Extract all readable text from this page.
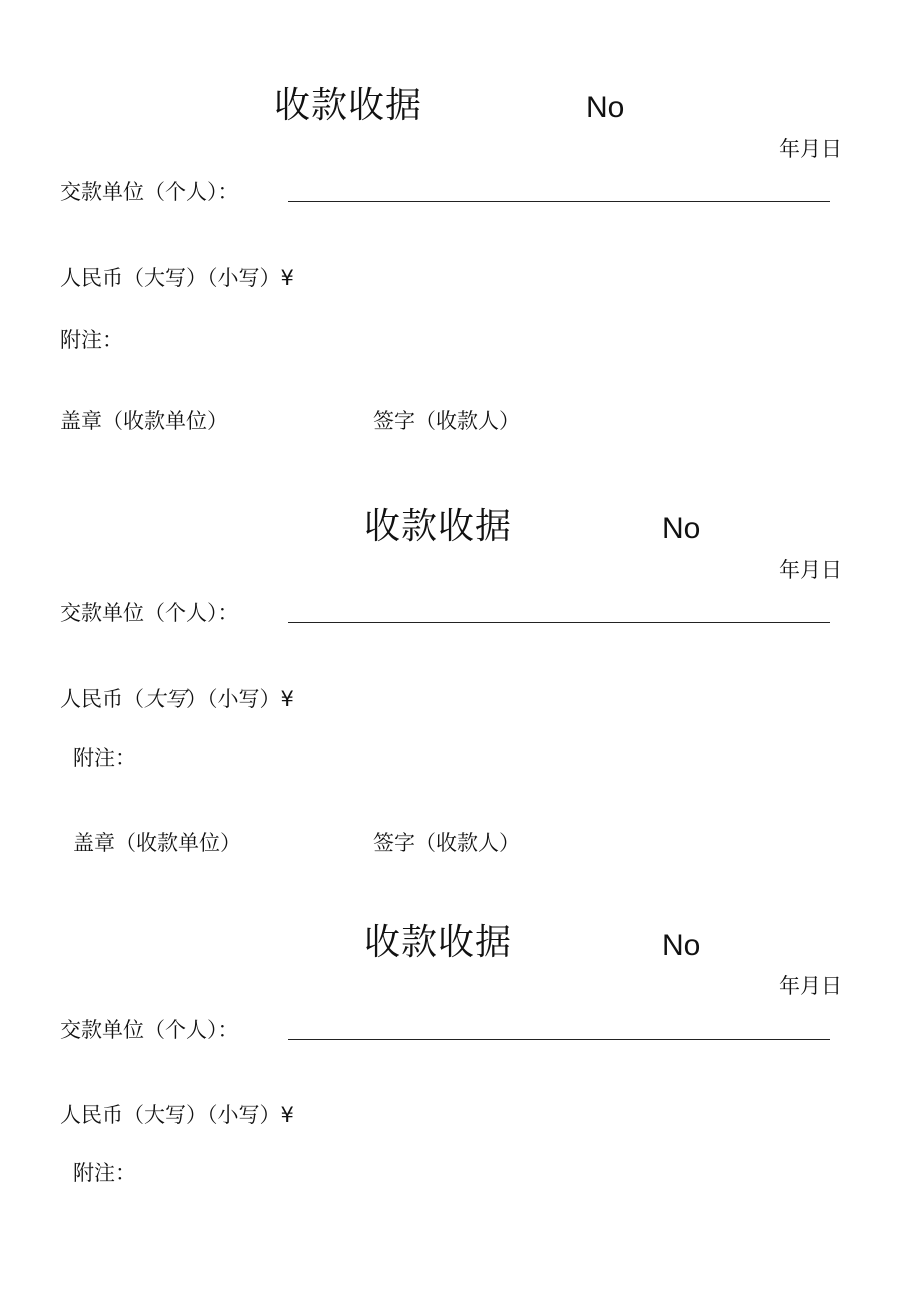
收款收据	No
年月日
交款单位（个人）：
人民币（大写）（小写）¥
附注：
盖章（收款单位）	签字（收款人）
收款收据	No
年月日
交款单位（个人）：
人民币（大写）（小写）¥
附注：
盖章（收款单位）	签字（收款人）
收款收据	No
年月日
交款单位（个人）：
人民币（大写）（小写）¥
附注：
